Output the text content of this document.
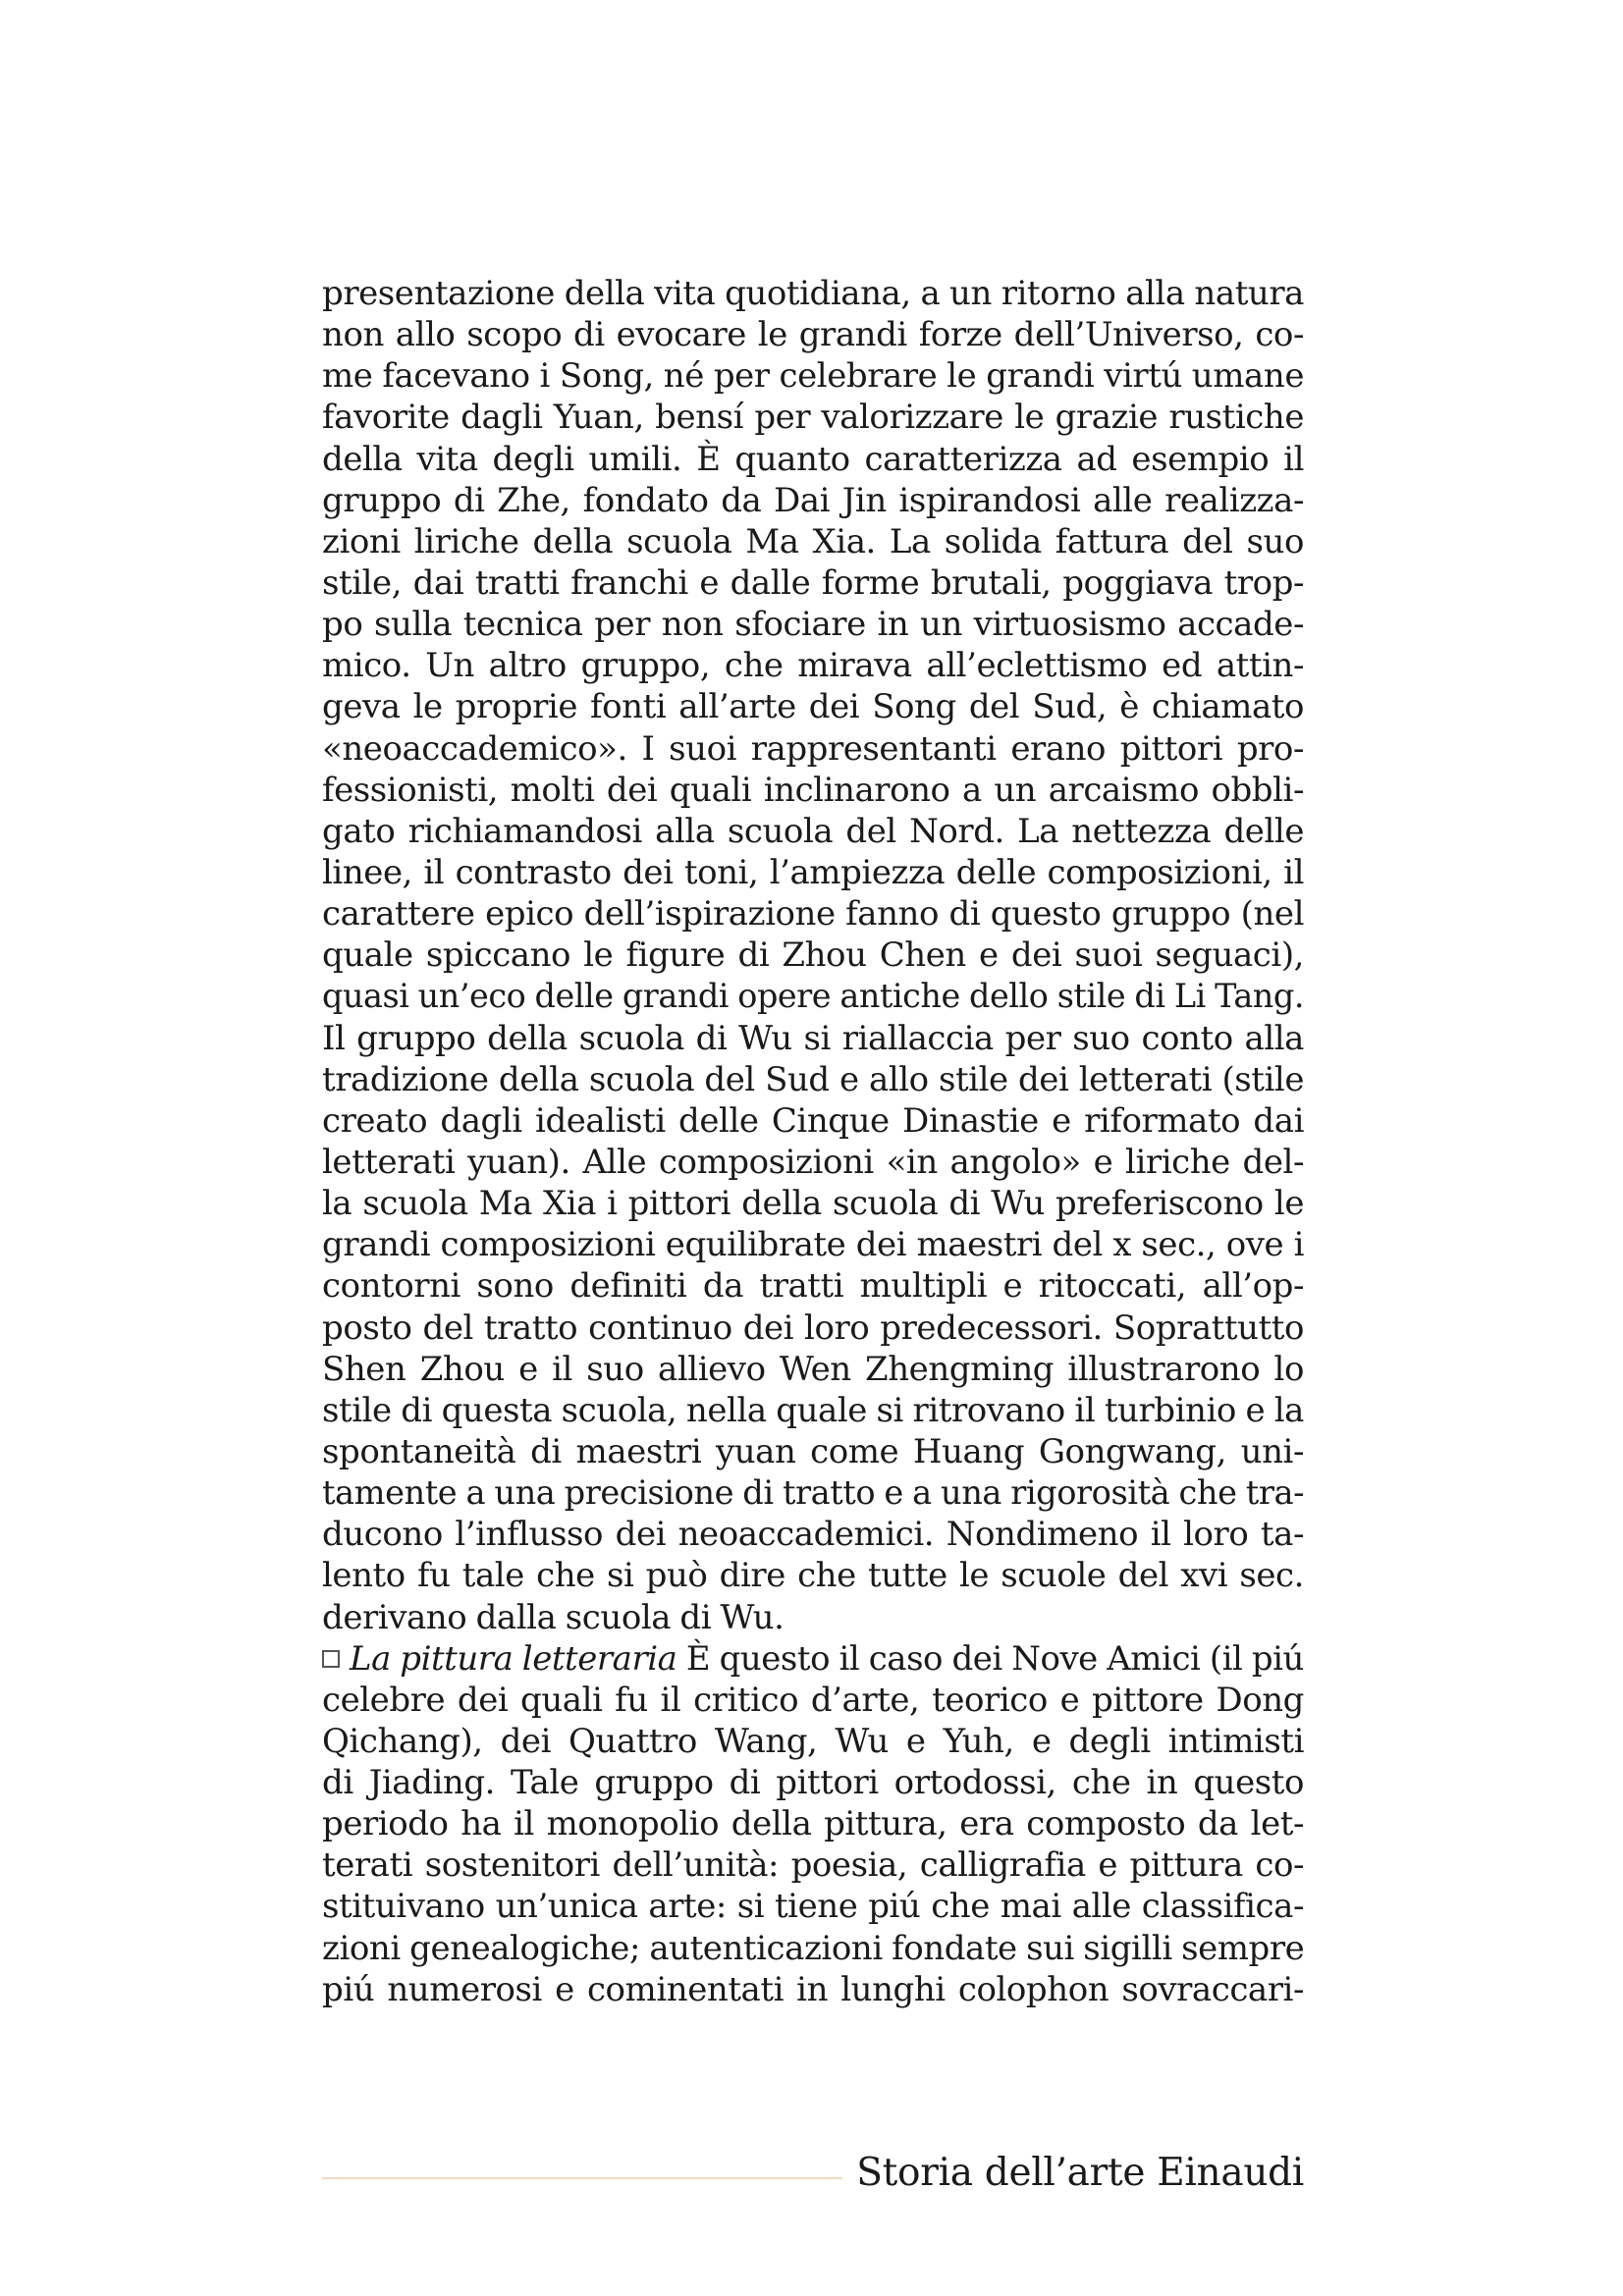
presentazione della vita quotidiana, a un ritorno alla natura
non allo scopo di evocare le grandi forze dell’Universo, co-
me facevano i Song, né per celebrare le grandi virtú umane
favorite dagli Yuan, bensí per valorizzare le grazie rustiche
della vita degli umili. È quanto caratterizza ad esempio il
gruppo di Zhe, fondato da Dai Jin ispirandosi alle realizza-
zioni liriche della scuola Ma Xia. La solida fattura del suo
stile, dai tratti franchi e dalle forme brutali, poggiava trop-
po sulla tecnica per non sfociare in un virtuosismo accade-
mico. Un altro gruppo, che mirava all’eclettismo ed attin-
geva le proprie fonti all’arte dei Song del Sud, è chiamato
«neoaccademico». I suoi rappresentanti erano pittori pro-
fessionisti, molti dei quali inclinarono a un arcaismo obbli-
gato richiamandosi alla scuola del Nord. La nettezza delle
linee, il contrasto dei toni, l’ampiezza delle composizioni, il
carattere epico dell’ispirazione fanno di questo gruppo (nel
quale spiccano le figure di Zhou Chen e dei suoi seguaci),
quasi un’eco delle grandi opere antiche dello stile di Li Tang.
Il gruppo della scuola di Wu si riallaccia per suo conto alla
tradizione della scuola del Sud e allo stile dei letterati (stile
creato dagli idealisti delle Cinque Dinastie e riformato dai
letterati yuan). Alle composizioni «in angolo» e liriche del-
la scuola Ma Xia i pittori della scuola di Wu preferiscono le
grandi composizioni equilibrate dei maestri del x sec., ove i
contorni sono definiti da tratti multipli e ritoccati, all’op-
posto del tratto continuo dei loro predecessori. Soprattutto
Shen Zhou e il suo allievo Wen Zhengming illustrarono lo
stile di questa scuola, nella quale si ritrovano il turbinio e la
spontaneità di maestri yuan come Huang Gongwang, uni-
tamente a una precisione di tratto e a una rigorosità che tra-
ducono l’influsso dei neoaccademici. Nondimeno il loro ta-
lento fu tale che si può dire che tutte le scuole del xvi sec.
derivano dalla scuola di Wu.
La pittura letteraria È questo il caso dei Nove Amici (il piú
celebre dei quali fu il critico d’arte, teorico e pittore Dong
Qichang), dei Quattro Wang, Wu e Yuh, e degli intimisti
di Jiading. Tale gruppo di pittori ortodossi, che in questo
periodo ha il monopolio della pittura, era composto da let-
terati sostenitori dell’unità: poesia, calligrafia e pittura co-
stituivano un’unica arte: si tiene piú che mai alle classifica-
zioni genealogiche; autenticazioni fondate sui sigilli sempre
piú numerosi e cominentati in lunghi colophon sovraccari-
Storia dell’arte Einaudi
